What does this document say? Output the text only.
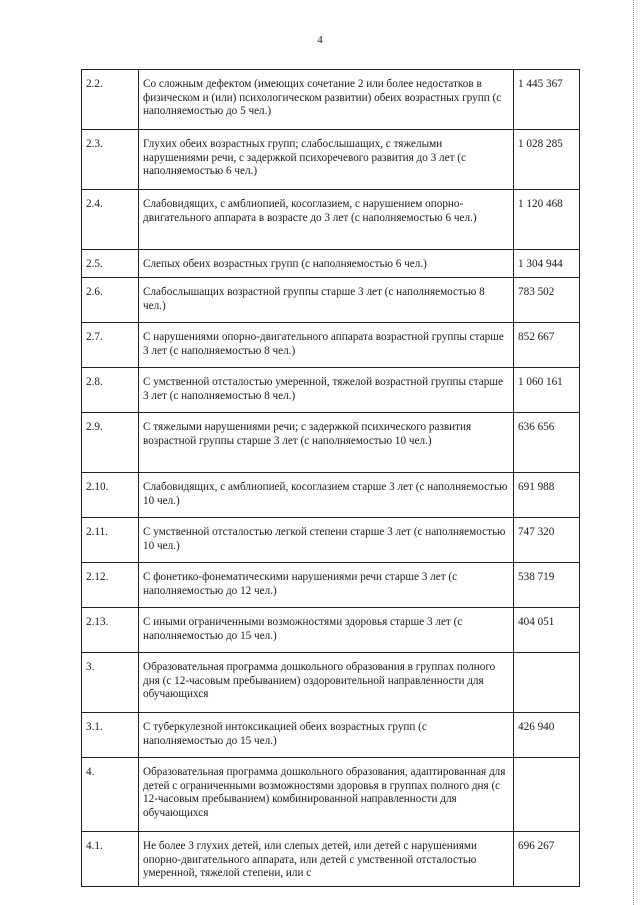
4
2.2.	Со сложным дефектом (имеющих сочетание 2 или более недостатков в физическом и (или) психологическом развитии) обеих возрастных групп (с наполняемостью до 5 чел.)	1 445 367
2.3.	Глухих обеих возрастных групп; слабослышащих, с тяжелыми нарушениями речи, с задержкой психоречевого развития до 3 лет (с наполняемостью 6 чел.)	1 028 285
2.4.	Слабовидящих, с амблиопией, косоглазием, с нарушением опорно-двигательного аппарата в возрасте до 3 лет (с наполняемостью 6 чел.)	1 120 468
2.5.	Слепых обеих возрастных групп (с наполняемостью 6 чел.)	1 304 944
2.6.	Слабослышащих возрастной группы старше 3 лет (с наполняемостью 8 чел.)	783 502
2.7.	С нарушениями опорно-двигательного аппарата возрастной группы старше 3 лет (с наполняемостью 8 чел.)	852 667
2.8.	С умственной отсталостью умеренной, тяжелой возрастной группы старше 3 лет (с наполняемостью 8 чел.)	1 060 161
2.9.	С тяжелыми нарушениями речи; с задержкой психического развития возрастной группы старше 3 лет (с наполняемостью 10 чел.)	636 656
2.10.	Слабовидящих, с амблиопией, косоглазием старше 3 лет (с наполняемостью 10 чел.)	691 988
2.11.	С умственной отсталостью легкой степени старше 3 лет (с наполняемостью 10 чел.)	747 320
2.12.	С фонетико-фонематическими нарушениями речи старше 3 лет (с наполняемостью до 12 чел.)	538 719
2.13.	С иными ограниченными возможностями здоровья старше 3 лет (с наполняемостью до 15 чел.)	404 051
3.	Образовательная программа дошкольного образования в группах полного дня (с 12-часовым пребыванием) оздоровительной направленности для обучающихся	
3.1.	С туберкулезной интоксикацией обеих возрастных групп (с наполняемостью до 15 чел.)	426 940
4.	Образовательная программа дошкольного образования, адаптированная для детей с ограниченными возможностями здоровья в группах полного дня (с 12-часовым пребыванием) комбинированной направленности для обучающихся	
4.1.	Не более 3 глухих детей, или слепых детей, или детей с нарушениями опорно-двигательного аппарата, или детей с умственной отсталостью умеренной, тяжелой степени, или с	696 267
